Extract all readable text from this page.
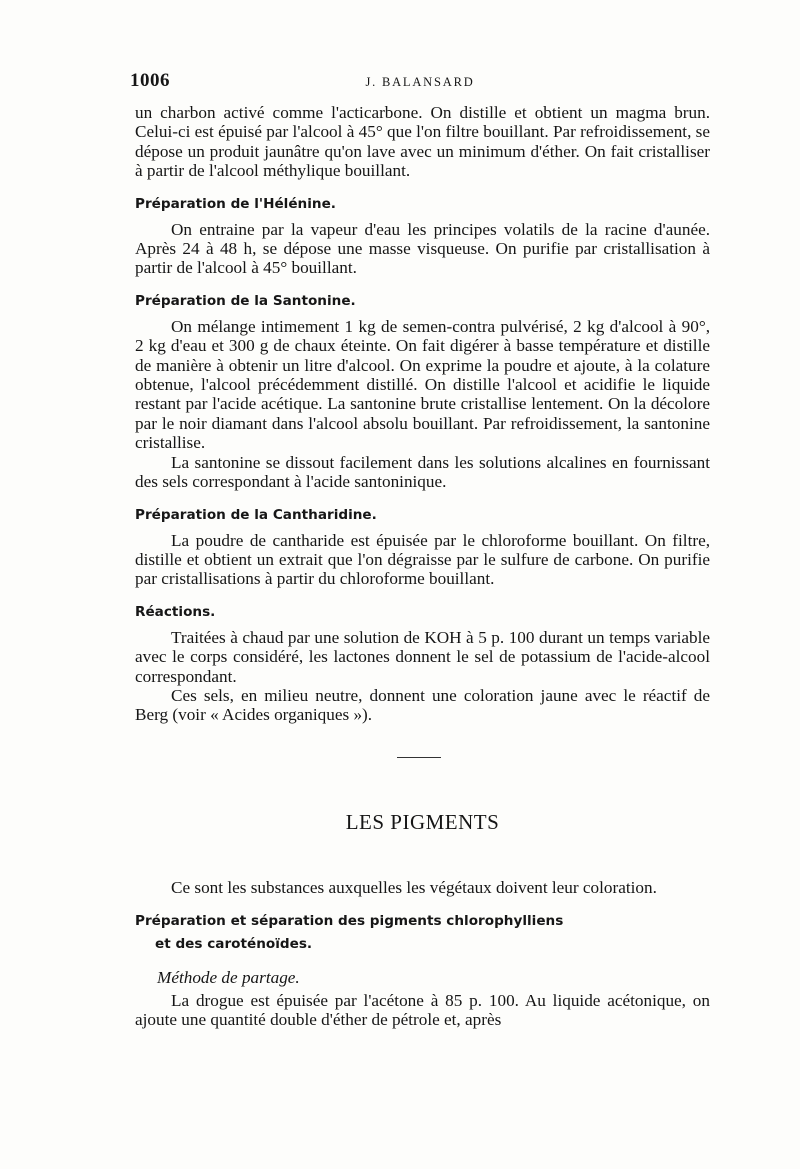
1006	J. BALANSARD

un charbon activé comme l'acticarbone. On distille et obtient un magma brun. Celui-ci est épuisé par l'alcool à 45° que l'on filtre bouillant. Par refroidissement, se dépose un produit jaunâtre qu'on lave avec un minimum d'éther. On fait cristalliser à partir de l'alcool méthylique bouillant.

Préparation de l'Hélénine.

On entraine par la vapeur d'eau les principes volatils de la racine d'aunée. Après 24 à 48 h, se dépose une masse visqueuse. On purifie par cristallisation à partir de l'alcool à 45° bouillant.

Préparation de la Santonine.

On mélange intimement 1 kg de semen-contra pulvérisé, 2 kg d'alcool à 90°, 2 kg d'eau et 300 g de chaux éteinte. On fait digérer à basse température et distille de manière à obtenir un litre d'alcool. On exprime la poudre et ajoute, à la colature obtenue, l'alcool précédemment distillé. On distille l'alcool et acidifie le liquide restant par l'acide acétique. La santonine brute cristallise lentement. On la décolore par le noir diamant dans l'alcool absolu bouillant. Par refroidissement, la santonine cristallise.

La santonine se dissout facilement dans les solutions alcalines en fournissant des sels correspondant à l'acide santoninique.

Préparation de la Cantharidine.

La poudre de cantharide est épuisée par le chloroforme bouillant. On filtre, distille et obtient un extrait que l'on dégraisse par le sulfure de carbone. On purifie par cristallisations à partir du chloroforme bouillant.

Réactions.

Traitées à chaud par une solution de KOH à 5 p. 100 durant un temps variable avec le corps considéré, les lactones donnent le sel de potassium de l'acide-alcool correspondant.

Ces sels, en milieu neutre, donnent une coloration jaune avec le réactif de Berg (voir « Acides organiques »).

LES PIGMENTS

Ce sont les substances auxquelles les végétaux doivent leur coloration.

Préparation et séparation des pigments chlorophylliens
et des caroténoïdes.
Méthode de partage.

La drogue est épuisée par l'acétone à 85 p. 100. Au liquide acétonique, on ajoute une quantité double d'éther de pétrole et, après
